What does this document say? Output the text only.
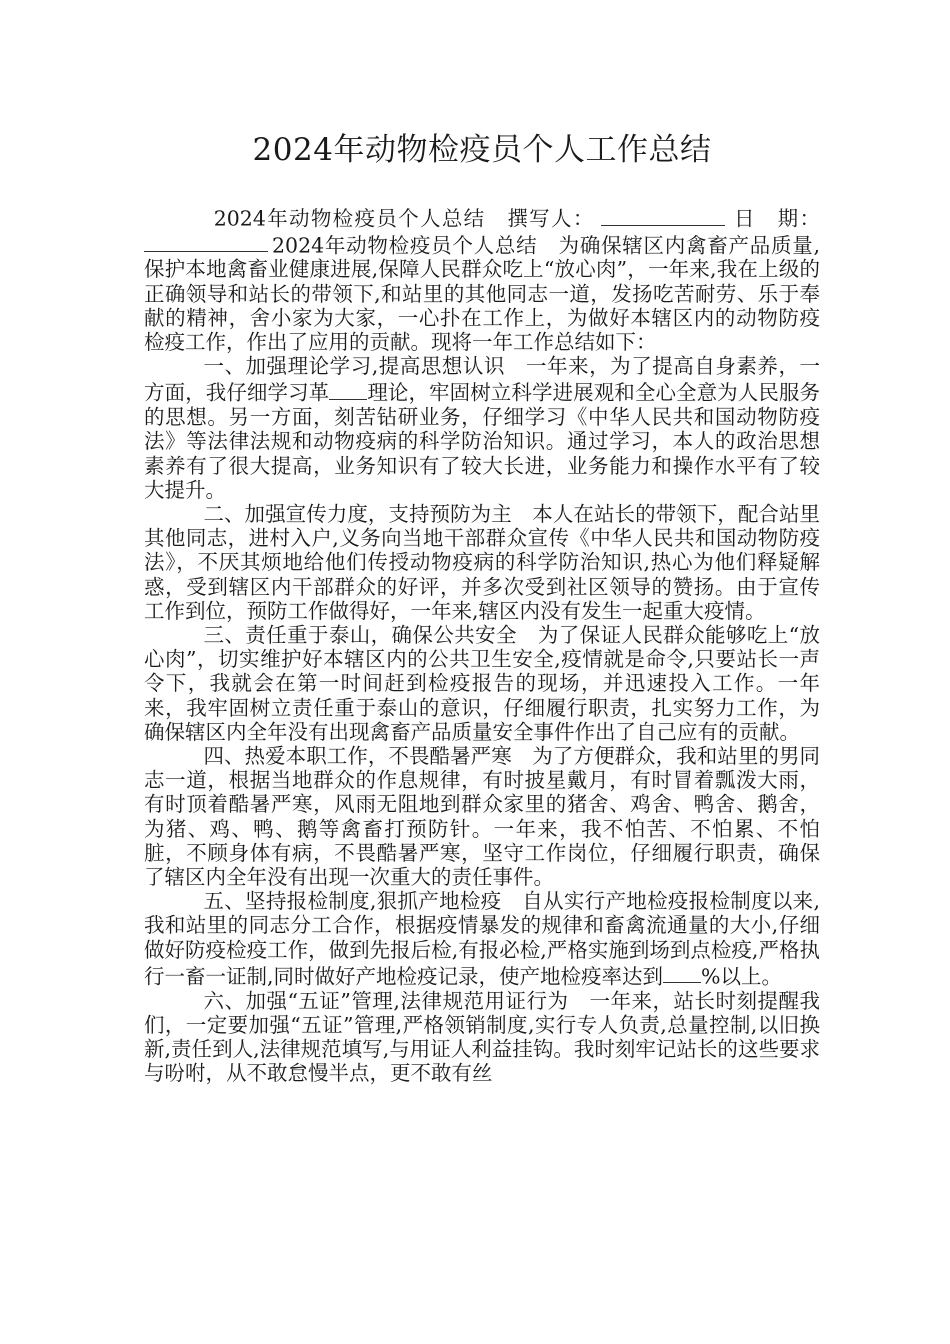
2024年动物检疫员个人工作总结

2024年动物检疫员个人总结 撰写人：	日　期：2024年动物检疫员个人总结 为确保辖区内禽畜产品质量,保护本地禽畜业健康进展,保障人民群众吃上“放心肉”，一年来,我在上级的正确领导和站长的带领下,和站里的其他同志一道，发扬吃苦耐劳、乐于奉献的精神，舍小家为大家，一心扑在工作上，为做好本辖区内的动物防疫检疫工作，作出了应用的贡献。现将一年工作总结如下：

一、加强理论学习,提高思想认识 一年来，为了提高自身素养，一方面，我仔细学习革 理论，牢固树立科学进展观和全心全意为人民服务的思想。另一方面，刻苦钻研业务，仔细学习《中华人民共和国动物防疫法》等法律法规和动物疫病的科学防治知识。通过学习，本人的政治思想素养有了很大提高，业务知识有了较大长进，业务能力和操作水平有了较大提升。

二、加强宣传力度，支持预防为主 本人在站长的带领下，配合站里其他同志，进村入户,义务向当地干部群众宣传《中华人民共和国动物防疫法》，不厌其烦地给他们传授动物疫病的科学防治知识,热心为他们释疑解惑，受到辖区内干部群众的好评，并多次受到社区领导的赞扬。由于宣传工作到位，预防工作做得好，一年来,辖区内没有发生一起重大疫情。

三、责任重于泰山，确保公共安全 为了保证人民群众能够吃上“放心肉”，切实维护好本辖区内的公共卫生安全,疫情就是命令,只要站长一声令下，我就会在第一时间赶到检疫报告的现场，并迅速投入工作。一年来，我牢固树立责任重于泰山的意识，仔细履行职责，扎实努力工作，为确保辖区内全年没有出现禽畜产品质量安全事件作出了自己应有的贡献。

四、热爱本职工作，不畏酷暑严寒 为了方便群众，我和站里的男同志一道，根据当地群众的作息规律，有时披星戴月，有时冒着瓢泼大雨，有时顶着酷暑严寒，风雨无阻地到群众家里的猪舍、鸡舍、鸭舍、鹅舍，为猪、鸡、鸭、鹅等禽畜打预防针。一年来，我不怕苦、不怕累、不怕脏，不顾身体有病，不畏酷暑严寒，坚守工作岗位，仔细履行职责，确保了辖区内全年没有出现一次重大的责任事件。

五、坚持报检制度,狠抓产地检疫 自从实行产地检疫报检制度以来,我和站里的同志分工合作，根据疫情暴发的规律和畜禽流通量的大小,仔细做好防疫检疫工作，做到先报后检,有报必检,严格实施到场到点检疫,严格执行一畜一证制,同时做好产地检疫记录，使产地检疫率达到 %以上。

六、加强“五证”管理,法律规范用证行为 一年来，站长时刻提醒我们，一定要加强“五证”管理,严格领销制度,实行专人负责,总量控制,以旧换新,责任到人,法律规范填写,与用证人利益挂钩。我时刻牢记站长的这些要求与吩咐，从不敢怠慢半点，更不敢有丝
